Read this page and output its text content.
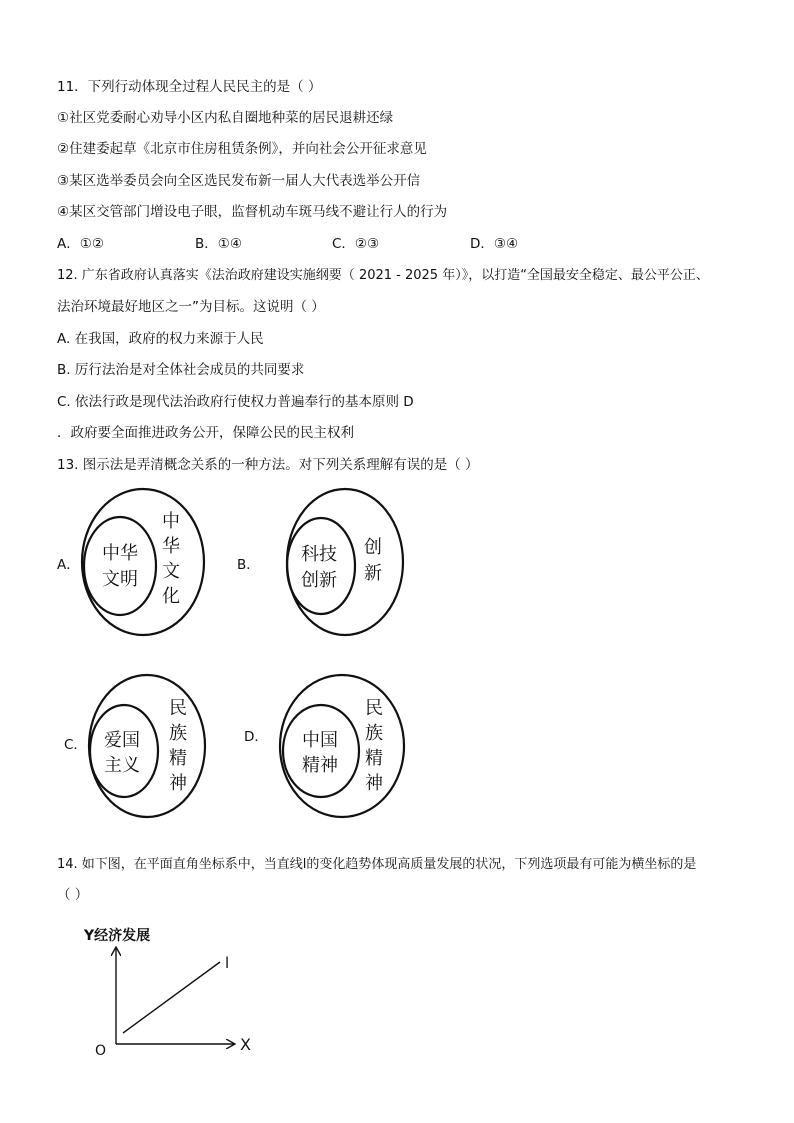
11．下列行动体现全过程人民民主的是（ ）
①社区党委耐心劝导小区内私自圈地种菜的居民退耕还绿
②住建委起草《北京市住房租赁条例》，并向社会公开征求意见
③某区选举委员会向全区选民发布新一届人大代表选举公开信
④某区交管部门增设电子眼，监督机动车斑马线不避让行人的行为
A．①②	B．①④	C．②③	D．③④
12. 广东省政府认真落实《法治政府建设实施纲要（ 2021 - 2025 年）》，以打造“全国最安全稳定、最公平公正、
法治环境最好地区之一”为目标。这说明（ ）
A. 在我国，政府的权力来源于人民
B. 厉行法治是对全体社会成员的共同要求
C. 依法行政是现代法治政府行使权力普遍奉行的基本原则 D
．政府要全面推进政务公开，保障公民的民主权利
13. 图示法是弄清概念关系的一种方法。对下列关系理解有误的是（ ）
A．
中华
文明
中
华
文
化
B． 科技
创新
创
新
C． 爱国
主义
民
族
精
神
D． 中国
精神
民
族
精
神
14. 如下图，在平面直角坐标系中，当直线l的变化趋势体现高质量发展的状况，下列选项最有可能为横坐标的是
（ ）
Y经济发展
O	X
l
